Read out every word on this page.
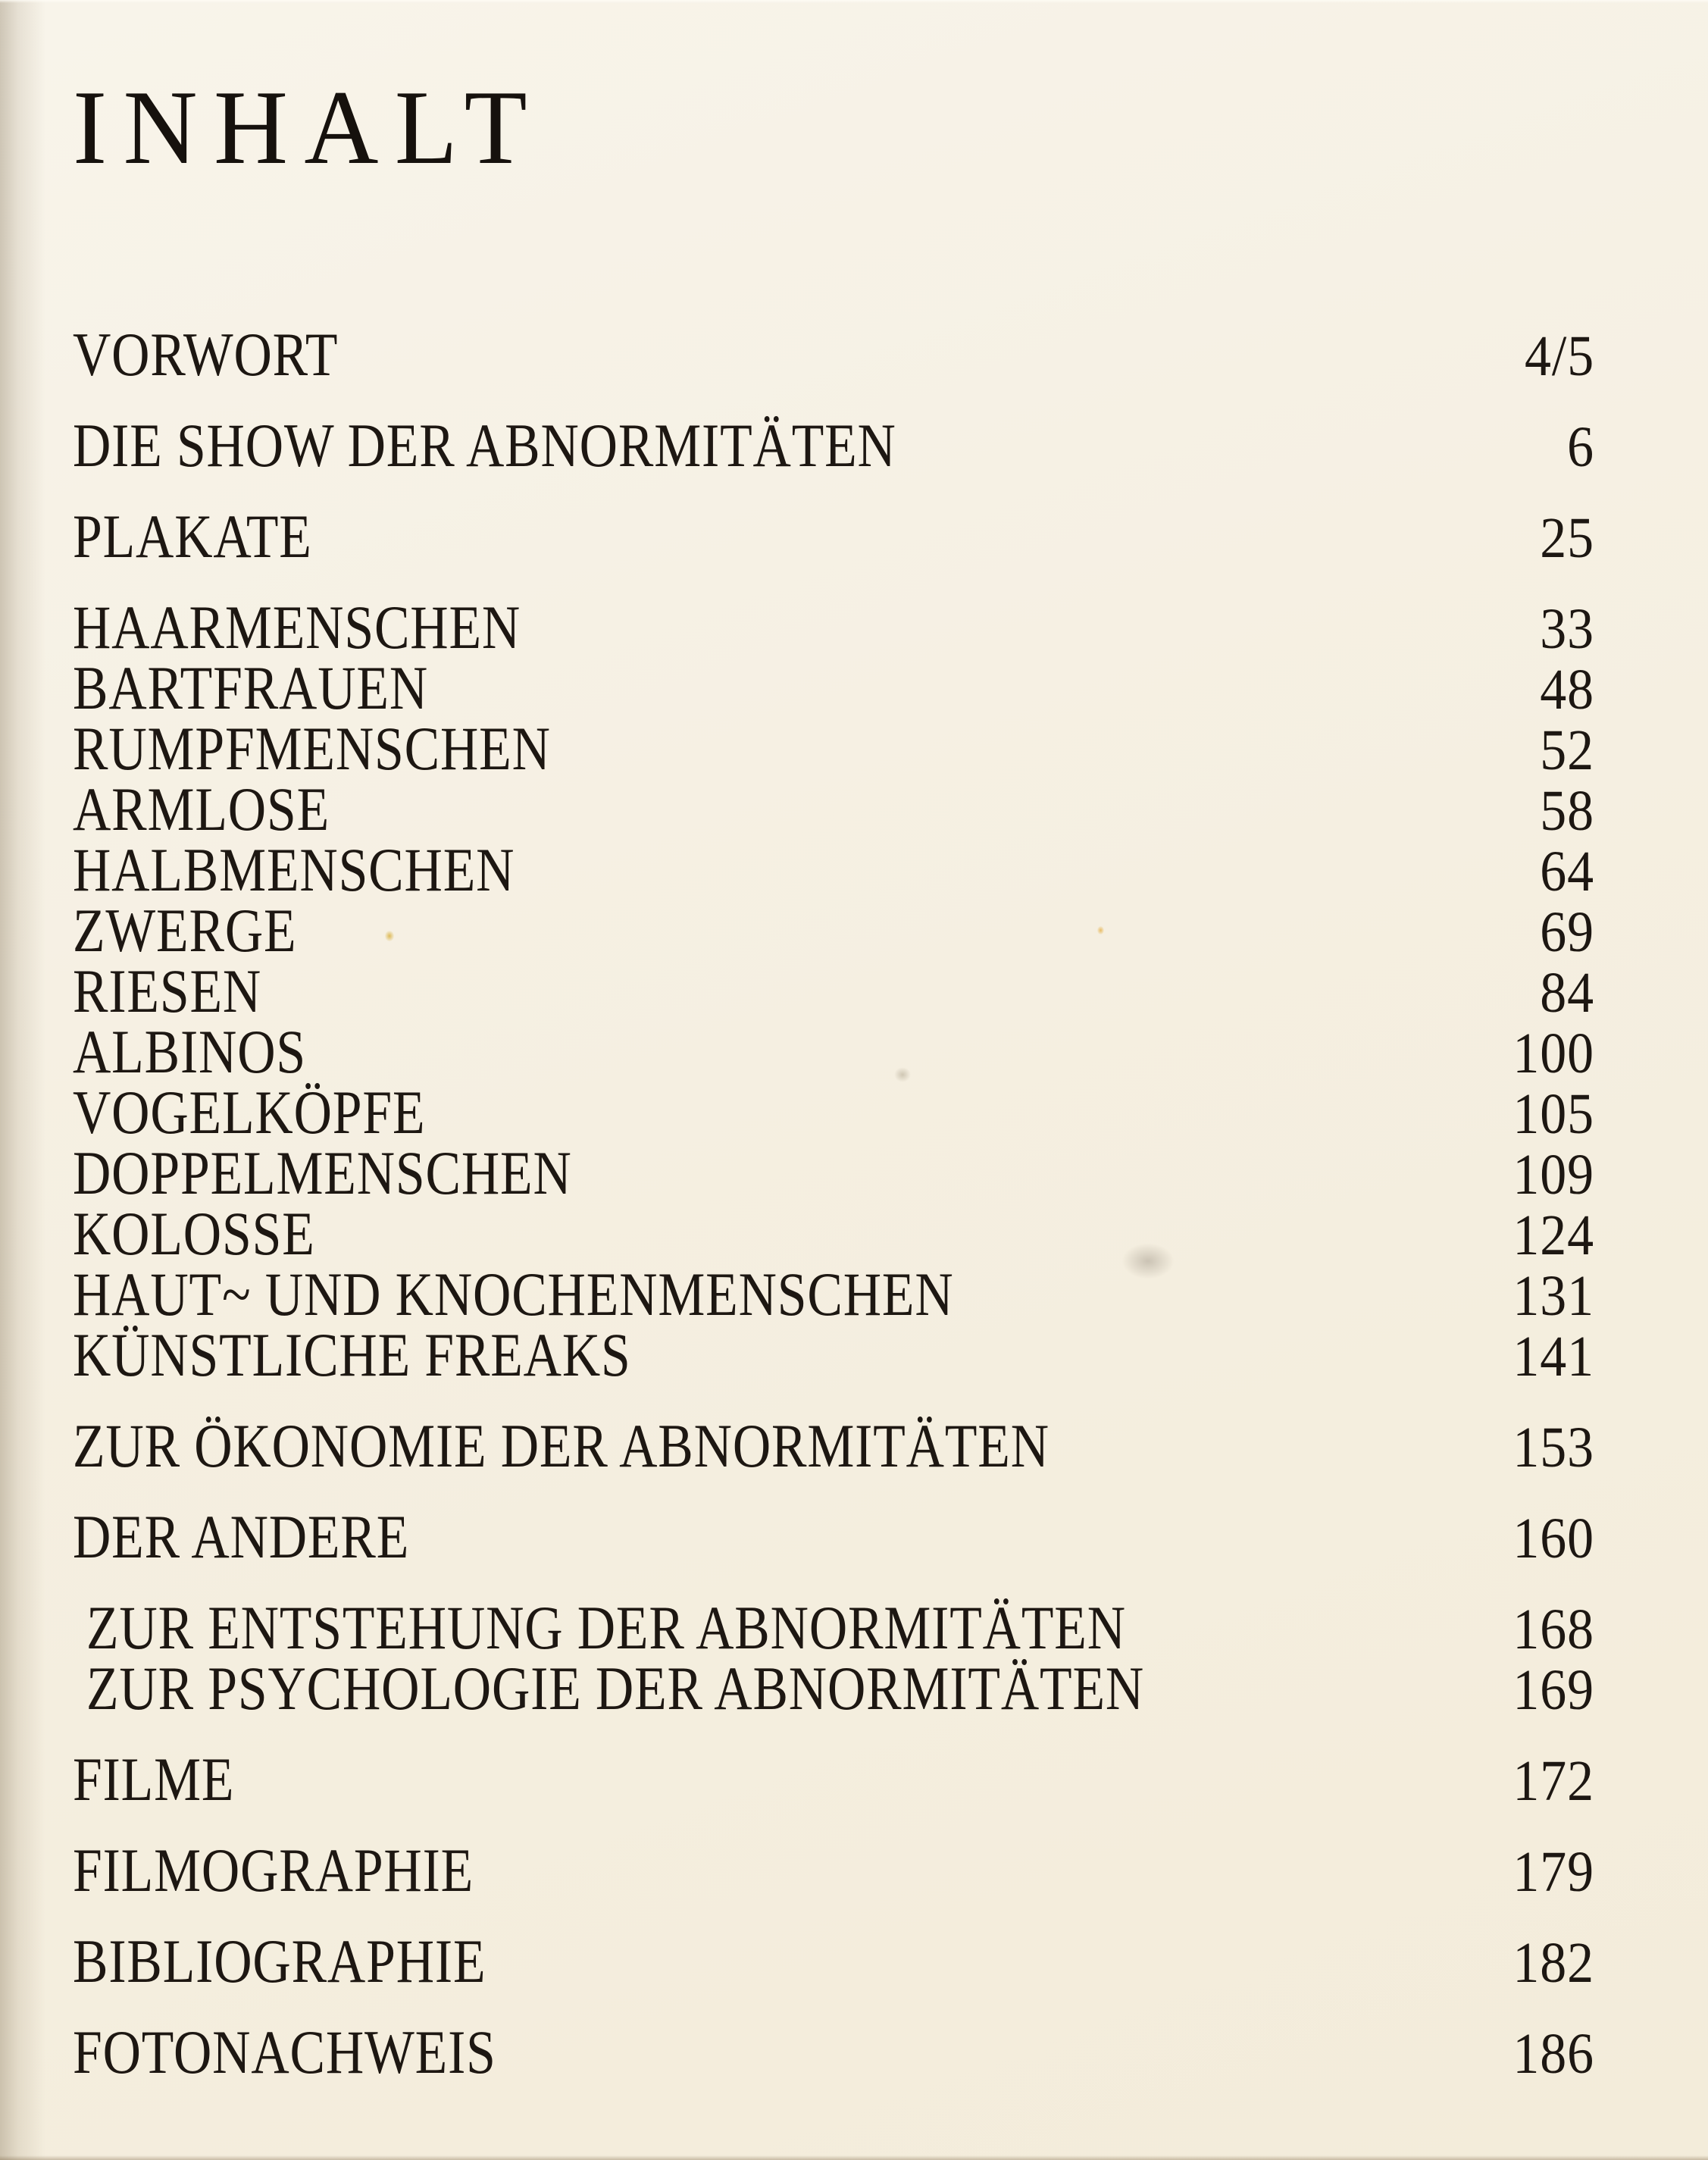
INHALT
VORWORT	4/5
DIE SHOW DER ABNORMITÄTEN	6
PLAKATE	25
HAARMENSCHEN	33
BARTFRAUEN	48
RUMPFMENSCHEN	52
ARMLOSE	58
HALBMENSCHEN	64
ZWERGE	69
RIESEN	84
ALBINOS	100
VOGELKÖPFE	105
DOPPELMENSCHEN	109
KOLOSSE	124
HAUT~ UND KNOCHENMENSCHEN	131
KÜNSTLICHE FREAKS	141
ZUR ÖKONOMIE DER ABNORMITÄTEN	153
DER ANDERE	160
ZUR ENTSTEHUNG DER ABNORMITÄTEN	168
ZUR PSYCHOLOGIE DER ABNORMITÄTEN	169
FILME	172
FILMOGRAPHIE	179
BIBLIOGRAPHIE	182
FOTONACHWEIS	186
